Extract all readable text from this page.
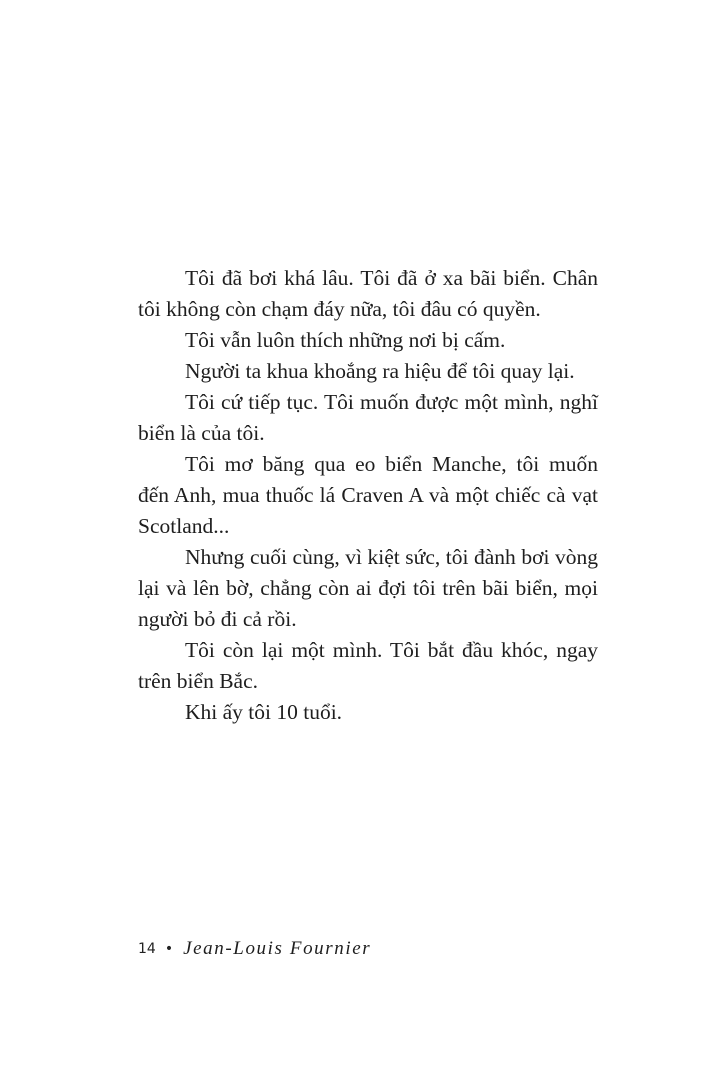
Tôi đã bơi khá lâu. Tôi đã ở xa bãi biển. Chân tôi không còn chạm đáy nữa, tôi đâu có quyền.

Tôi vẫn luôn thích những nơi bị cấm.

Người ta khua khoắng ra hiệu để tôi quay lại.

Tôi cứ tiếp tục. Tôi muốn được một mình, nghĩ biển là của tôi.

Tôi mơ băng qua eo biển Manche, tôi muốn đến Anh, mua thuốc lá Craven A và một chiếc cà vạt Scotland...

Nhưng cuối cùng, vì kiệt sức, tôi đành bơi vòng lại và lên bờ, chẳng còn ai đợi tôi trên bãi biển, mọi người bỏ đi cả rồi.

Tôi còn lại một mình. Tôi bắt đầu khóc, ngay trên biển Bắc.

Khi ấy tôi 10 tuổi.

14 • Jean-Louis Fournier
